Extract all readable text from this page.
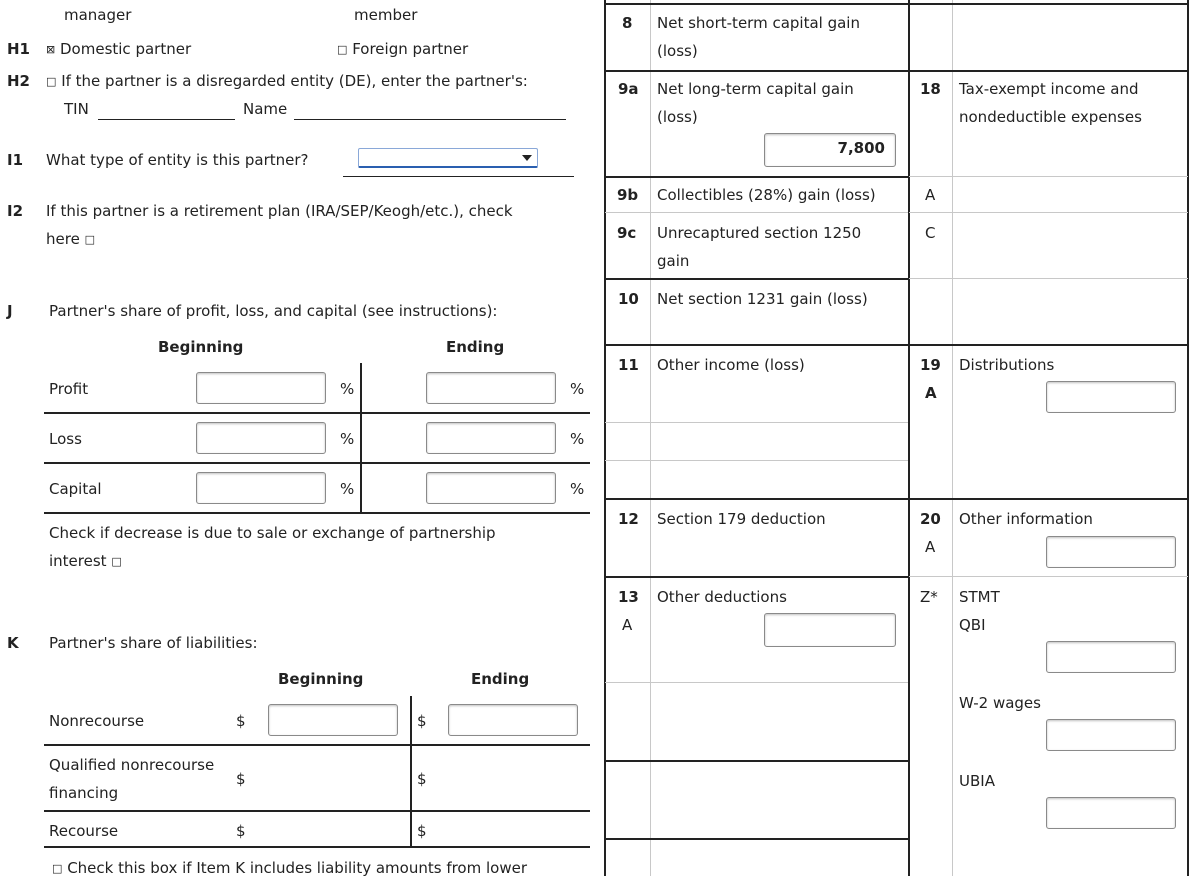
manager	member
H1 ⊠ Domestic partner	□ Foreign partner
H2 □ If the partner is a disregarded entity (DE), enter the partner's:
TIN	Name
I1 What type of entity is this partner?
I2 If this partner is a retirement plan (IRA/SEP/Keogh/etc.), check
here □
J Partner's share of profit, loss, and capital (see instructions):
Beginning	Ending
Profit	%	%
Loss	%	%
Capital	%	%
Check if decrease is due to sale or exchange of partnership
interest □
K Partner's share of liabilities:
Beginning	Ending
Nonrecourse	$	$
Qualified nonrecourse
financing
$	$
Recourse	$	$
□ Check this box if Item K includes liability amounts from lower
8 Net short-term capital gain
(loss)
9a Net long-term capital gain
(loss)
7,800
9b Collectibles (28%) gain (loss)
9c Unrecaptured section 1250
gain
10 Net section 1231 gain (loss)
11 Other income (loss)
12 Section 179 deduction
13 Other deductions
A
18 Tax-exempt income and
nondeductible expenses
A
C
19 Distributions
A
20 Other information
A
Z* STMT
QBI
W-2 wages
UBIA
